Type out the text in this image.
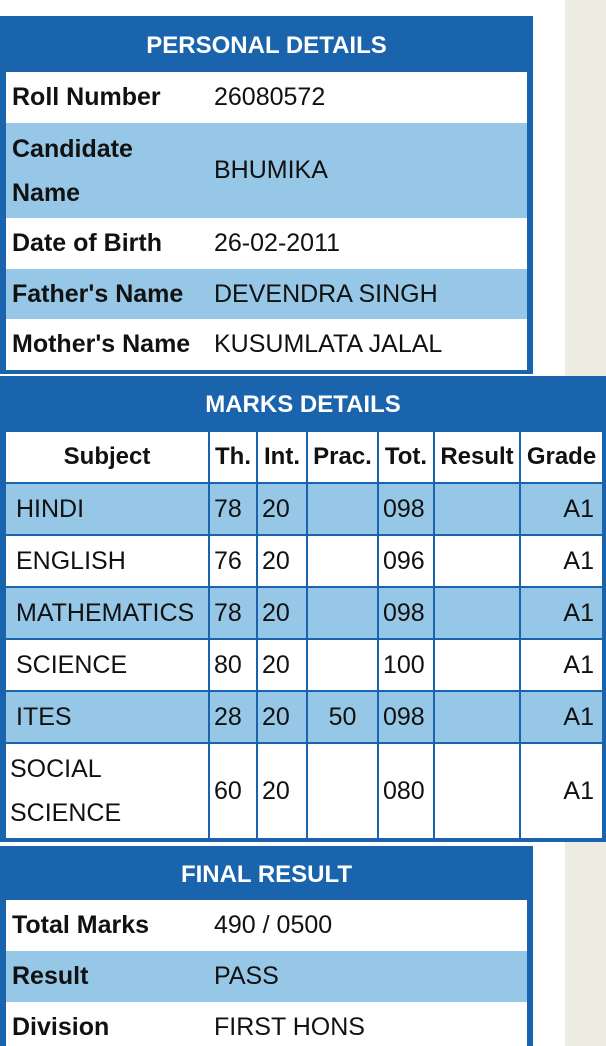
PERSONAL DETAILS
Roll Number	26080572
Candidate Name	BHUMIKA
Date of Birth	26-02-2011
Father's Name	DEVENDRA SINGH
Mother's Name	KUSUMLATA JALAL
MARKS DETAILS
Subject	Th.	Int.	Prac.	Tot.	Result	Grade
HINDI	78	20		098		A1
ENGLISH	76	20		096		A1
MATHEMATICS	78	20		098		A1
SCIENCE	80	20		100		A1
ITES	28	20	50	098		A1
SOCIAL SCIENCE	60	20		080		A1
FINAL RESULT
Total Marks	490 / 0500
Result	PASS
Division	FIRST HONS
